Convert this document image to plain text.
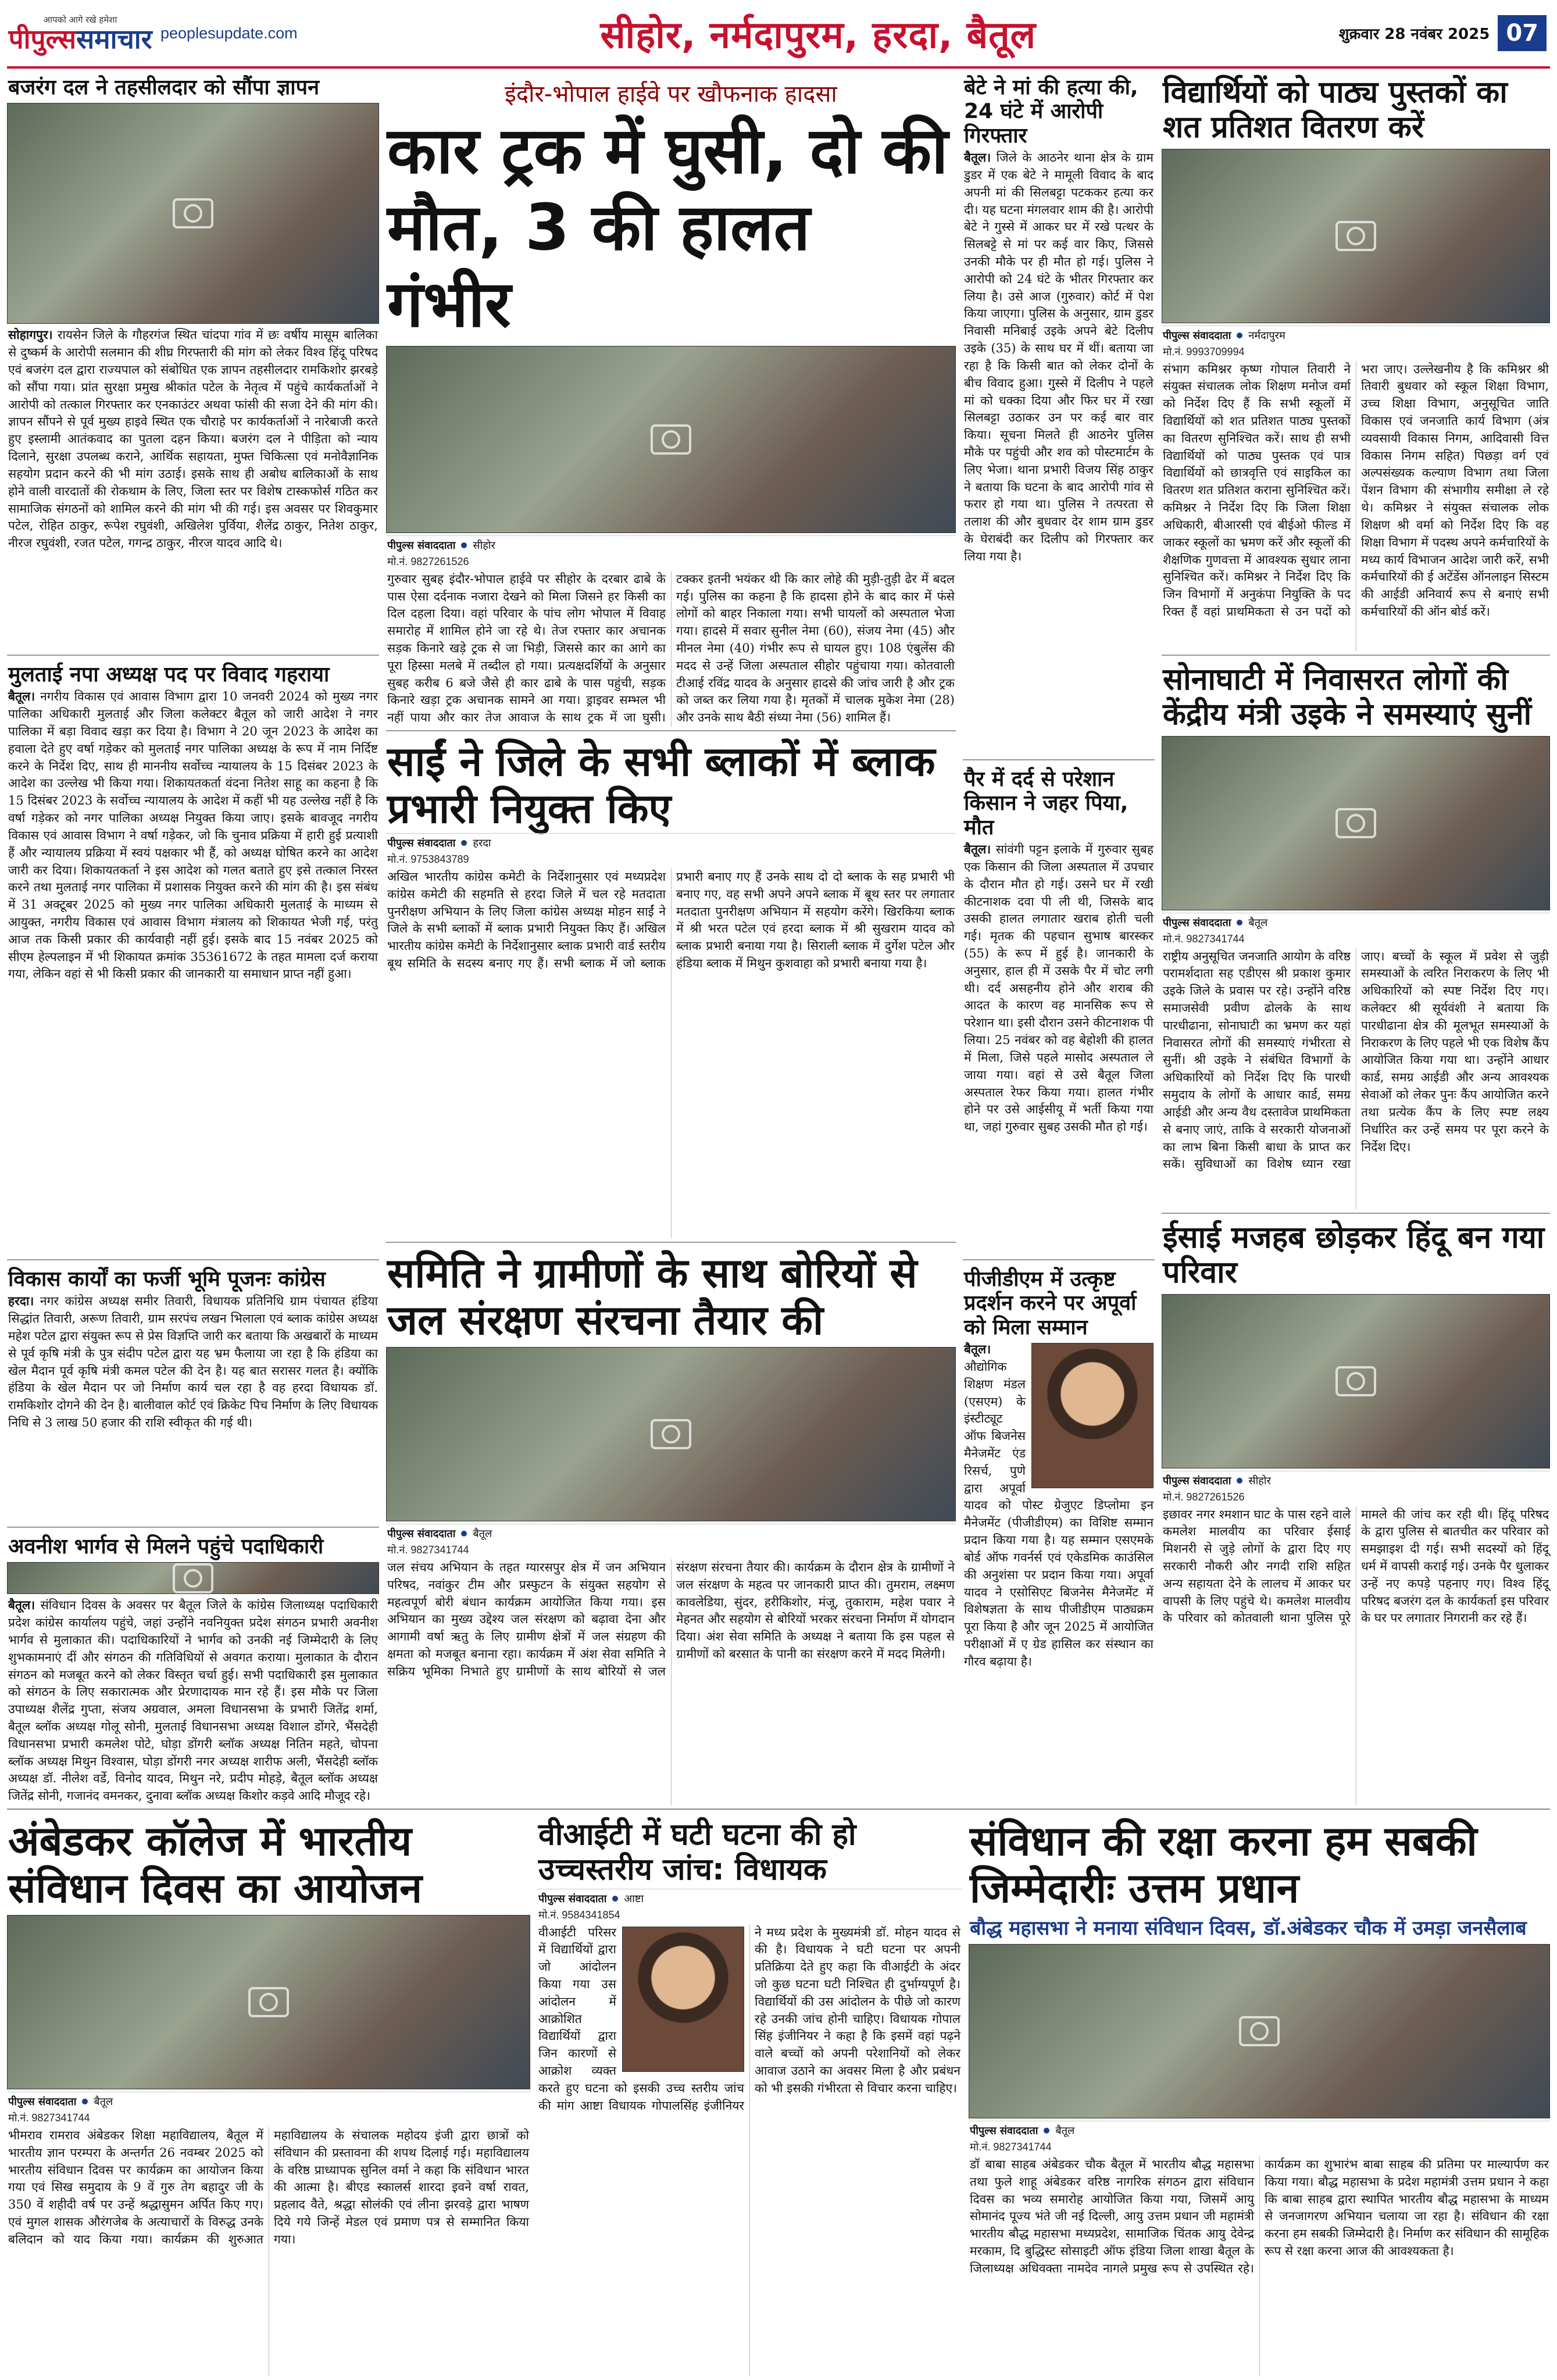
आपको आगे रखे हमेशा
पीपुल्ससमाचार peoplesupdate.com	सीहोर, नर्मदापुरम, हरदा, बैतूल	शुक्रवार 28 नवंबर 2025 07
बजरंग दल ने तहसीलदार को सौंपा ज्ञापन
सोहागपुर। रायसेन जिले के गौहरगंज स्थित चांदपा गांव में छः वर्षीय मासूम बालिका से दुष्कर्म के आरोपी सलमान की शीघ्र गिरफ्तारी की मांग को लेकर विश्व हिंदू परिषद एवं बजरंग दल द्वारा राज्यपाल को संबोधित एक ज्ञापन तहसीलदार रामकिशोर झरबड़े को सौंपा गया। प्रांत सुरक्षा प्रमुख श्रीकांत पटेल के नेतृत्व में पहुंचे कार्यकर्ताओं ने आरोपी को तत्काल गिरफ्तार कर एनकाउंटर अथवा फांसी की सजा देने की मांग की। ज्ञापन सौंपने से पूर्व मुख्य हाइवे स्थित एक चौराहे पर कार्यकर्ताओं ने नारेबाजी करते हुए इस्लामी आतंकवाद का पुतला दहन किया। बजरंग दल ने पीड़िता को न्याय दिलाने, सुरक्षा उपलब्ध कराने, आर्थिक सहायता, मुफ्त चिकित्सा एवं मनोवैज्ञानिक सहयोग प्रदान करने की भी मांग उठाई। इसके साथ ही अबोध बालिकाओं के साथ होने वाली वारदातों की रोकथाम के लिए, जिला स्तर पर विशेष टास्कफोर्स गठित कर सामाजिक संगठनों को शामिल करने की मांग भी की गई। इस अवसर पर शिवकुमार पटेल, रोहित ठाकुर, रूपेश रघुवंशी, अखिलेश पुर्विया, शैलेंद्र ठाकुर, नितेश ठाकुर, नीरज रघुवंशी, रजत पटेल, गगन्द्र ठाकुर, नीरज यादव आदि थे।
मुलताई नपा अध्यक्ष पद पर विवाद गहराया
बैतूल। नगरीय विकास एवं आवास विभाग द्वारा 10 जनवरी 2024 को मुख्य नगर पालिका अधिकारी मुलताई और जिला कलेक्टर बैतूल को जारी आदेश ने नगर पालिका में बड़ा विवाद खड़ा कर दिया है। विभाग ने 20 जून 2023 के आदेश का हवाला देते हुए वर्षा गड़ेकर को मुलताई नगर पालिका अध्यक्ष के रूप में नाम निर्दिष्ट करने के निर्देश दिए, साथ ही माननीय सर्वोच्च न्यायालय के 15 दिसंबर 2023 के आदेश का उल्लेख भी किया गया। शिकायतकर्ता वंदना नितेश साहू का कहना है कि 15 दिसंबर 2023 के सर्वोच्च न्यायालय के आदेश में कहीं भी यह उल्लेख नहीं है कि वर्षा गड़ेकर को नगर पालिका अध्यक्ष नियुक्त किया जाए। इसके बावजूद नगरीय विकास एवं आवास विभाग ने वर्षा गड़ेकर, जो कि चुनाव प्रक्रिया में हारी हुई प्रत्याशी हैं और न्यायालय प्रक्रिया में स्वयं पक्षकार भी हैं, को अध्यक्ष घोषित करने का आदेश जारी कर दिया। शिकायतकर्ता ने इस आदेश को गलत बताते हुए इसे तत्काल निरस्त करने तथा मुलताई नगर पालिका में प्रशासक नियुक्त करने की मांग की है। इस संबंध में 31 अक्टूबर 2025 को मुख्य नगर पालिका अधिकारी मुलताई के माध्यम से आयुक्त, नगरीय विकास एवं आवास विभाग मंत्रालय को शिकायत भेजी गई, परंतु आज तक किसी प्रकार की कार्यवाही नहीं हुई। इसके बाद 15 नवंबर 2025 को सीएम हेल्पलाइन में भी शिकायत क्रमांक 35361672 के तहत मामला दर्ज कराया गया, लेकिन वहां से भी किसी प्रकार की जानकारी या समाधान प्राप्त नहीं हुआ।
विकास कार्यों का फर्जी भूमि पूजनः कांग्रेस
हरदा। नगर कांग्रेस अध्यक्ष समीर तिवारी, विधायक प्रतिनिधि ग्राम पंचायत हंडिया सिद्धांत तिवारी, अरूण तिवारी, ग्राम सरपंच लखन भिलाला एवं ब्लाक कांग्रेस अध्यक्ष महेश पटेल द्वारा संयुक्त रूप से प्रेस विज्ञप्ति जारी कर बताया कि अखबारों के माध्यम से पूर्व कृषि मंत्री के पुत्र संदीप पटेल द्वारा यह भ्रम फैलाया जा रहा है कि हंडिया का खेल मैदान पूर्व कृषि मंत्री कमल पटेल की देन है। यह बात सरासर गलत है। क्योंकि हंडिया के खेल मैदान पर जो निर्माण कार्य चल रहा है वह हरदा विधायक डॉ. रामकिशोर दोगने की देन है। बालीवाल कोर्ट एवं क्रिकेट पिच निर्माण के लिए विधायक निधि से 3 लाख 50 हजार की राशि स्वीकृत की गई थी।
अवनीश भार्गव से मिलने पहुंचे पदाधिकारी
बैतूल। संविधान दिवस के अवसर पर बैतूल जिले के कांग्रेस जिलाध्यक्ष पदाधिकारी प्रदेश कांग्रेस कार्यालय पहुंचे, जहां उन्होंने नवनियुक्त प्रदेश संगठन प्रभारी अवनीश भार्गव से मुलाकात की। पदाधिकारियों ने भार्गव को उनकी नई जिम्मेदारी के लिए शुभकामनाएं दीं और संगठन की गतिविधियों से अवगत कराया। मुलाकात के दौरान संगठन को मजबूत करने को लेकर विस्तृत चर्चा हुई। सभी पदाधिकारी इस मुलाकात को संगठन के लिए सकारात्मक और प्रेरणादायक मान रहे हैं। इस मौके पर जिला उपाध्यक्ष शैलेंद्र गुप्ता, संजय अग्रवाल, अमला विधानसभा के प्रभारी जितेंद्र शर्मा, बैतूल ब्लॉक अध्यक्ष गोलू सोनी, मुलताई विधानसभा अध्यक्ष विशाल डोंगरे, भैंसदेही विधानसभा प्रभारी कमलेश पोटे, घोड़ा डोंगरी ब्लॉक अध्यक्ष नितिन महते, चोपना ब्लॉक अध्यक्ष मिथुन विश्वास, घोड़ा डोंगरी नगर अध्यक्ष शारीफ अली, भैंसदेही ब्लॉक अध्यक्ष डॉ. नीलेश वर्डे, विनोद यादव, मिथुन नरे, प्रदीप मोहड़े, बैतूल ब्लॉक अध्यक्ष जितेंद्र सोनी, गजानंद वमनकर, दुनावा ब्लॉक अध्यक्ष किशोर कड़वे आदि मौजूद रहे।
इंदौर-भोपाल हाईवे पर खौफनाक हादसा
कार ट्रक में घुसी, दो की मौत, 3 की हालत गंभीर
पीपुल्स संवाददाता सीहोर
मो.नं. 9827261526
गुरुवार सुबह इंदौर-भोपाल हाईवे पर सीहोर के दरबार ढाबे के पास ऐसा दर्दनाक नजारा देखने को मिला जिसने हर किसी का दिल दहला दिया। वहां परिवार के पांच लोग भोपाल में विवाह समारोह में शामिल होने जा रहे थे। तेज रफ्तार कार अचानक सड़क किनारे खड़े ट्रक से जा भिड़ी, जिससे कार का आगे का पूरा हिस्सा मलबे में तब्दील हो गया। प्रत्यक्षदर्शियों के अनुसार सुबह करीब 6 बजे जैसे ही कार ढाबे के पास पहुंची, सड़क किनारे खड़ा ट्रक अचानक सामने आ गया। ड्राइवर सम्भल भी नहीं पाया और कार तेज आवाज के साथ ट्रक में जा घुसी। टक्कर इतनी भयंकर थी कि कार लोहे की मुड़ी-तुड़ी ढेर में बदल गई। पुलिस का कहना है कि हादसा होने के बाद कार में फंसे लोगों को बाहर निकाला गया। सभी घायलों को अस्पताल भेजा गया। हादसे में सवार सुनील नेमा (60), संजय नेमा (45) और मीनल नेमा (40) गंभीर रूप से घायल हुए। 108 एंबुलेंस की मदद से उन्हें जिला अस्पताल सीहोर पहुंचाया गया। कोतवाली टीआई रविंद्र यादव के अनुसार हादसे की जांच जारी है और ट्रक को जब्त कर लिया गया है। मृतकों में चालक मुकेश नेमा (28) और उनके साथ बैठी संध्या नेमा (56) शामिल हैं।
साईं ने जिले के सभी ब्लाकों में ब्लाक प्रभारी नियुक्त किए
पीपुल्स संवाददाता हरदा
मो.नं. 9753843789
अखिल भारतीय कांग्रेस कमेटी के निर्देशानुसार एवं मध्यप्रदेश कांग्रेस कमेटी की सहमति से हरदा जिले में चल रहे मतदाता पुनरीक्षण अभियान के लिए जिला कांग्रेस अध्यक्ष मोहन साईं ने जिले के सभी ब्लाकों में ब्लाक प्रभारी नियुक्त किए हैं। अखिल भारतीय कांग्रेस कमेटी के निर्देशानुसार ब्लाक प्रभारी वार्ड स्तरीय बूथ समिति के सदस्य बनाए गए हैं। सभी ब्लाक में जो ब्लाक प्रभारी बनाए गए हैं उनके साथ दो दो ब्लाक के सह प्रभारी भी बनाए गए, वह सभी अपने अपने ब्लाक में बूथ स्तर पर लगातार मतदाता पुनरीक्षण अभियान में सहयोग करेंगे। खिरकिया ब्लाक में श्री भरत पटेल एवं हरदा ब्लाक में श्री सुखराम यादव को ब्लाक प्रभारी बनाया गया है। सिराली ब्लाक में दुर्गेश पटेल और हंडिया ब्लाक में मिथुन कुशवाहा को प्रभारी बनाया गया है।
समिति ने ग्रामीणों के साथ बोरियों से जल संरक्षण संरचना तैयार की
पीपुल्स संवाददाता बैतूल
मो.नं. 9827341744
जल संचय अभियान के तहत ग्यारसपुर क्षेत्र में जन अभियान परिषद, नवांकुर टीम और प्रस्फुटन के संयुक्त सहयोग से महत्वपूर्ण बोरी बंधान कार्यक्रम आयोजित किया गया। इस अभियान का मुख्य उद्देश्य जल संरक्षण को बढ़ावा देना और आगामी वर्षा ऋतु के लिए ग्रामीण क्षेत्रों में जल संग्रहण की क्षमता को मजबूत बनाना रहा। कार्यक्रम में अंश सेवा समिति ने सक्रिय भूमिका निभाते हुए ग्रामीणों के साथ बोरियों से जल संरक्षण संरचना तैयार की। कार्यक्रम के दौरान क्षेत्र के ग्रामीणों ने जल संरक्षण के महत्व पर जानकारी प्राप्त की। तुमराम, लक्ष्मण कावलेडिया, सुंदर, हरीकिशोर, मंजू, तुकाराम, महेश पवार ने मेहनत और सहयोग से बोरियों भरकर संरचना निर्माण में योगदान दिया। अंश सेवा समिति के अध्यक्ष ने बताया कि इस पहल से ग्रामीणों को बरसात के पानी का संरक्षण करने में मदद मिलेगी।
बेटे ने मां की हत्या की, 24 घंटे में आरोपी गिरफ्तार
बैतूल। जिले के आठनेर थाना क्षेत्र के ग्राम डुडर में एक बेटे ने मामूली विवाद के बाद अपनी मां की सिलबट्टा पटककर हत्या कर दी। यह घटना मंगलवार शाम की है। आरोपी बेटे ने गुस्से में आकर घर में रखे पत्थर के सिलबट्टे से मां पर कई वार किए, जिससे उनकी मौके पर ही मौत हो गई। पुलिस ने आरोपी को 24 घंटे के भीतर गिरफ्तार कर लिया है। उसे आज (गुरुवार) कोर्ट में पेश किया जाएगा। पुलिस के अनुसार, ग्राम डुडर निवासी मनिबाई उइके अपने बेटे दिलीप उइके (35) के साथ घर में थीं। बताया जा रहा है कि किसी बात को लेकर दोनों के बीच विवाद हुआ। गुस्से में दिलीप ने पहले मां को धक्का दिया और फिर घर में रखा सिलबट्टा उठाकर उन पर कई बार वार किया। सूचना मिलते ही आठनेर पुलिस मौके पर पहुंची और शव को पोस्टमार्टम के लिए भेजा। थाना प्रभारी विजय सिंह ठाकुर ने बताया कि घटना के बाद आरोपी गांव से फरार हो गया था। पुलिस ने तत्परता से तलाश की और बुधवार देर शाम ग्राम डुडर के घेराबंदी कर दिलीप को गिरफ्तार कर लिया गया है।
पैर में दर्द से परेशान किसान ने जहर पिया, मौत
बैतूल। सांवंगी पट्टन इलाके में गुरुवार सुबह एक किसान की जिला अस्पताल में उपचार के दौरान मौत हो गई। उसने घर में रखी कीटनाशक दवा पी ली थी, जिसके बाद उसकी हालत लगातार खराब होती चली गई। मृतक की पहचान सुभाष बारस्कर (55) के रूप में हुई है। जानकारी के अनुसार, हाल ही में उसके पैर में चोट लगी थी। दर्द असहनीय होने और शराब की आदत के कारण वह मानसिक रूप से परेशान था। इसी दौरान उसने कीटनाशक पी लिया। 25 नवंबर को वह बेहोशी की हालत में मिला, जिसे पहले मासोद अस्पताल ले जाया गया। वहां से उसे बैतूल जिला अस्पताल रेफर किया गया। हालत गंभीर होने पर उसे आईसीयू में भर्ती किया गया था, जहां गुरुवार सुबह उसकी मौत हो गई।
पीजीडीएम में उत्कृष्ट प्रदर्शन करने पर अपूर्वा को मिला सम्मान
बैतूल। औद्योगिक शिक्षण मंडल (एसएम) के इंस्टीट्यूट ऑफ बिजनेस मैनेजमेंट एंड रिसर्च, पुणे द्वारा अपूर्वा यादव को पोस्ट ग्रेजुएट डिप्लोमा इन मैनेजमेंट (पीजीडीएम) का विशिष्ट सम्मान प्रदान किया गया है। यह सम्मान एसएमके बोर्ड ऑफ गवर्नर्स एवं एकेडमिक काउंसिल की अनुशंसा पर प्रदान किया गया। अपूर्वा यादव ने एसोसिएट बिजनेस मैनेजमेंट में विशेषज्ञता के साथ पीजीडीएम पाठ्यक्रम पूरा किया है और जून 2025 में आयोजित परीक्षाओं में ए ग्रेड हासिल कर संस्थान का गौरव बढ़ाया है।
विद्यार्थियों को पाठ्य पुस्तकों का शत प्रतिशत वितरण करें
पीपुल्स संवाददाता नर्मदापुरम
मो.नं. 9993709994
संभाग कमिश्नर कृष्ण गोपाल तिवारी ने संयुक्त संचालक लोक शिक्षण मनोज वर्मा को निर्देश दिए हैं कि सभी स्कूलों में विद्यार्थियों को शत प्रतिशत पाठ्य पुस्तकों का वितरण सुनिश्चित करें। साथ ही सभी विद्यार्थियों को पाठ्य पुस्तक एवं पात्र विद्यार्थियों को छात्रवृत्ति एवं साइकिल का वितरण शत प्रतिशत कराना सुनिश्चित करें। कमिश्नर ने निर्देश दिए कि जिला शिक्षा अधिकारी, बीआरसी एवं बीईओ फील्ड में जाकर स्कूलों का भ्रमण करें और स्कूलों की शैक्षणिक गुणवत्ता में आवश्यक सुधार लाना सुनिश्चित करें। कमिश्नर ने निर्देश दिए कि जिन विभागों में अनुकंपा नियुक्ति के पद रिक्त हैं वहां प्राथमिकता से उन पदों को भरा जाए। उल्लेखनीय है कि कमिश्नर श्री तिवारी बुधवार को स्कूल शिक्षा विभाग, उच्च शिक्षा विभाग, अनुसूचित जाति विकास एवं जनजाति कार्य विभाग (अंत्र व्यवसायी विकास निगम, आदिवासी वित्त विकास निगम सहित) पिछड़ा वर्ग एवं अल्पसंख्यक कल्याण विभाग तथा जिला पेंशन विभाग की संभागीय समीक्षा ले रहे थे। कमिश्नर ने संयुक्त संचालक लोक शिक्षण श्री वर्मा को निर्देश दिए कि वह शिक्षा विभाग में पदस्थ अपने कर्मचारियों के मध्य कार्य विभाजन आदेश जारी करें, सभी कर्मचारियों की ई अटेंडेंस ऑनलाइन सिस्टम की आईडी अनिवार्य रूप से बनाएं सभी कर्मचारियों की ऑन बोर्ड करें।
सोनाघाटी में निवासरत लोगों की केंद्रीय मंत्री उइके ने समस्याएं सुनीं
पीपुल्स संवाददाता बैतूल
मो.नं. 9827341744
राष्ट्रीय अनुसूचित जनजाति आयोग के वरिष्ठ परामर्शदाता सह एडीएस श्री प्रकाश कुमार उइके जिले के प्रवास पर रहे। उन्होंने वरिष्ठ समाजसेवी प्रवीण ढोलके के साथ पारधीढाना, सोनाघाटी का भ्रमण कर यहां निवासरत लोगों की समस्याएं गंभीरता से सुनीं। श्री उइके ने संबंधित विभागों के अधिकारियों को निर्देश दिए कि पारधी समुदाय के लोगों के आधार कार्ड, समग्र आईडी और अन्य वैध दस्तावेज प्राथमिकता से बनाए जाएं, ताकि वे सरकारी योजनाओं का लाभ बिना किसी बाधा के प्राप्त कर सकें। सुविधाओं का विशेष ध्यान रखा जाए। बच्चों के स्कूल में प्रवेश से जुड़ी समस्याओं के त्वरित निराकरण के लिए भी अधिकारियों को स्पष्ट निर्देश दिए गए। कलेक्टर श्री सूर्यवंशी ने बताया कि पारधीढाना क्षेत्र की मूलभूत समस्याओं के निराकरण के लिए पहले भी एक विशेष कैंप आयोजित किया गया था। उन्होंने आधार कार्ड, समग्र आईडी और अन्य आवश्यक सेवाओं को लेकर पुनः कैंप आयोजित करने तथा प्रत्येक कैंप के लिए स्पष्ट लक्ष्य निर्धारित कर उन्हें समय पर पूरा करने के निर्देश दिए।
ईसाई मजहब छोड़कर हिंदू बन गया परिवार
पीपुल्स संवाददाता सीहोर
मो.नं. 9827261526
इछावर नगर श्मशान घाट के पास रहने वाले कमलेश मालवीय का परिवार ईसाई मिशनरी से जुड़े लोगों के द्वारा दिए गए सरकारी नौकरी और नगदी राशि सहित अन्य सहायता देने के लालच में आकर घर वापसी के लिए पहुंचे थे। कमलेश मालवीय के परिवार को कोतवाली थाना पुलिस पूरे मामले की जांच कर रही थी। हिंदू परिषद के द्वारा पुलिस से बातचीत कर परिवार को समझाइश दी गई। सभी सदस्यों को हिंदू धर्म में वापसी कराई गई। उनके पैर धुलाकर उन्हें नए कपड़े पहनाए गए। विश्व हिंदू परिषद बजरंग दल के कार्यकर्ता इस परिवार के घर पर लगातार निगरानी कर रहे हैं।
अंबेडकर कॉलेज में भारतीय संविधान दिवस का आयोजन
पीपुल्स संवाददाता बैतूल
मो.नं. 9827341744
भीमराव रामराव अंबेडकर शिक्षा महाविद्यालय, बैतूल में भारतीय ज्ञान परम्परा के अन्तर्गत 26 नवम्बर 2025 को भारतीय संविधान दिवस पर कार्यक्रम का आयोजन किया गया एवं सिख समुदाय के 9 वें गुरु तेग बहादुर जी के 350 वें शहीदी वर्ष पर उन्हें श्रद्धासुमन अर्पित किए गए। एवं मुगल शासक औरंगजेब के अत्याचारों के विरुद्ध उनके बलिदान को याद किया गया। कार्यक्रम की शुरुआत महाविद्यालय के संचालक महोदय इंजी द्वारा छात्रों को संविधान की प्रस्तावना की शपथ दिलाई गई। महाविद्यालय के वरिष्ठ प्राध्यापक सुनिल वर्मा ने कहा कि संविधान भारत की आत्मा है। बीएड स्कालर्स शारदा इवने वर्षा रावत, प्रहलाद वैते, श्रद्धा सोलंकी एवं लीना झरवड़े द्वारा भाषण दिये गये जिन्हें मेडल एवं प्रमाण पत्र से सम्मानित किया गया।
वीआईटी में घटी घटना की हो उच्चस्तरीय जांच: विधायक
पीपुल्स संवाददाता आष्टा
मो.नं. 9584341854
वीआईटी परिसर में विद्यार्थियों द्वारा जो आंदोलन किया गया उस आंदोलन में आक्रोशित विद्यार्थियों द्वारा जिन कारणों से आक्रोश व्यक्त करते हुए घटना को इसकी उच्च स्तरीय जांच की मांग आष्टा विधायक गोपालसिंह इंजीनियर ने मध्य प्रदेश के मुख्यमंत्री डॉ. मोहन यादव से की है। विधायक ने घटी घटना पर अपनी प्रतिक्रिया देते हुए कहा कि वीआईटी के अंदर जो कुछ घटना घटी निश्चित ही दुर्भाग्यपूर्ण है। विद्यार्थियों की उस आंदोलन के पीछे जो कारण रहे उनकी जांच होनी चाहिए। विधायक गोपाल सिंह इंजीनियर ने कहा है कि इसमें वहां पढ़ने वाले बच्चों को अपनी परेशानियों को लेकर आवाज उठाने का अवसर मिला है और प्रबंधन को भी इसकी गंभीरता से विचार करना चाहिए।
संविधान की रक्षा करना हम सबकी जिम्मेदारीः उत्तम प्रधान
बौद्ध महासभा ने मनाया संविधान दिवस, डॉ.अंबेडकर चौक में उमड़ा जनसैलाब
पीपुल्स संवाददाता बैतूल
मो.नं. 9827341744
डॉ बाबा साहब अंबेडकर चौक बैतूल में भारतीय बौद्ध महासभा तथा फुले शाहू अंबेडकर वरिष्ठ नागरिक संगठन द्वारा संविधान दिवस का भव्य समारोह आयोजित किया गया, जिसमें आयु सोमानंद पूज्य भंते जी नई दिल्ली, आयु उत्तम प्रधान जी महामंत्री भारतीय बौद्ध महासभा मध्यप्रदेश, सामाजिक चिंतक आयु देवेन्द्र मरकाम, दि बुद्धिस्ट सोसाइटी ऑफ इंडिया जिला शाखा बैतूल के जिलाध्यक्ष अधिवक्ता नामदेव नागले प्रमुख रूप से उपस्थित रहे। कार्यक्रम का शुभारंभ बाबा साहब की प्रतिमा पर माल्यार्पण कर किया गया। बौद्ध महासभा के प्रदेश महामंत्री उत्तम प्रधान ने कहा कि बाबा साहब द्वारा स्थापित भारतीय बौद्ध महासभा के माध्यम से जनजागरण अभियान चलाया जा रहा है। संविधान की रक्षा करना हम सबकी जिम्मेदारी है। निर्माण कर संविधान की सामूहिक रूप से रक्षा करना आज की आवश्यकता है।
